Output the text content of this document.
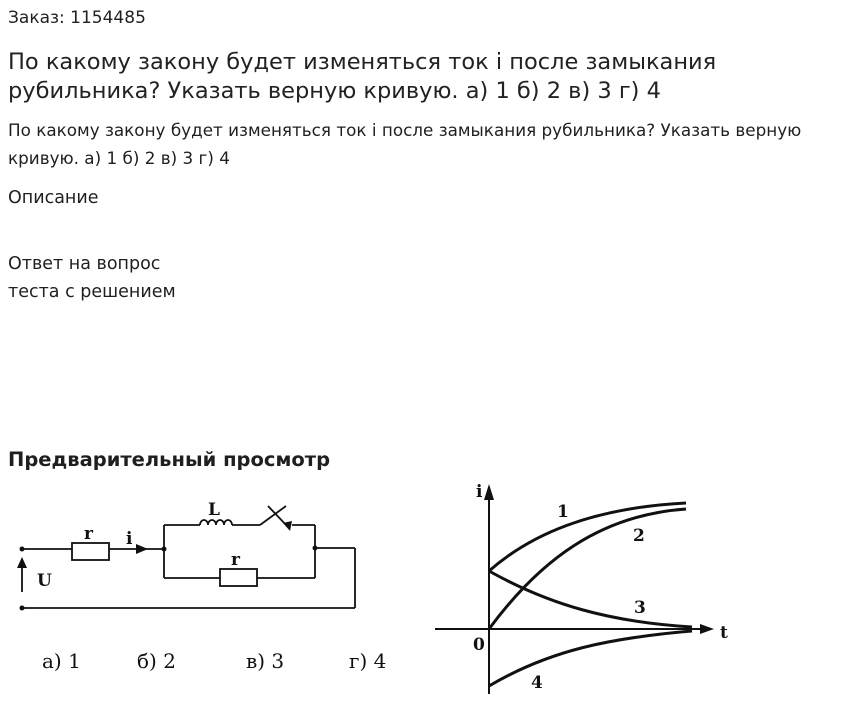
Заказ: 1154485
По какому закону будет изменяться ток i после замыкания рубильника? Указать верную кривую. а) 1 б) 2 в) 3 г) 4
По какому закону будет изменяться ток i после замыкания рубильника? Указать верную кривую. а) 1 б) 2 в) 3 г) 4
Описание
Ответ на вопрос
теста с решением
Предварительный просмотр
r i
L
r
U
а) 1	б) 2	в) 3	г) 4
i
t
0
1
2
3
4
